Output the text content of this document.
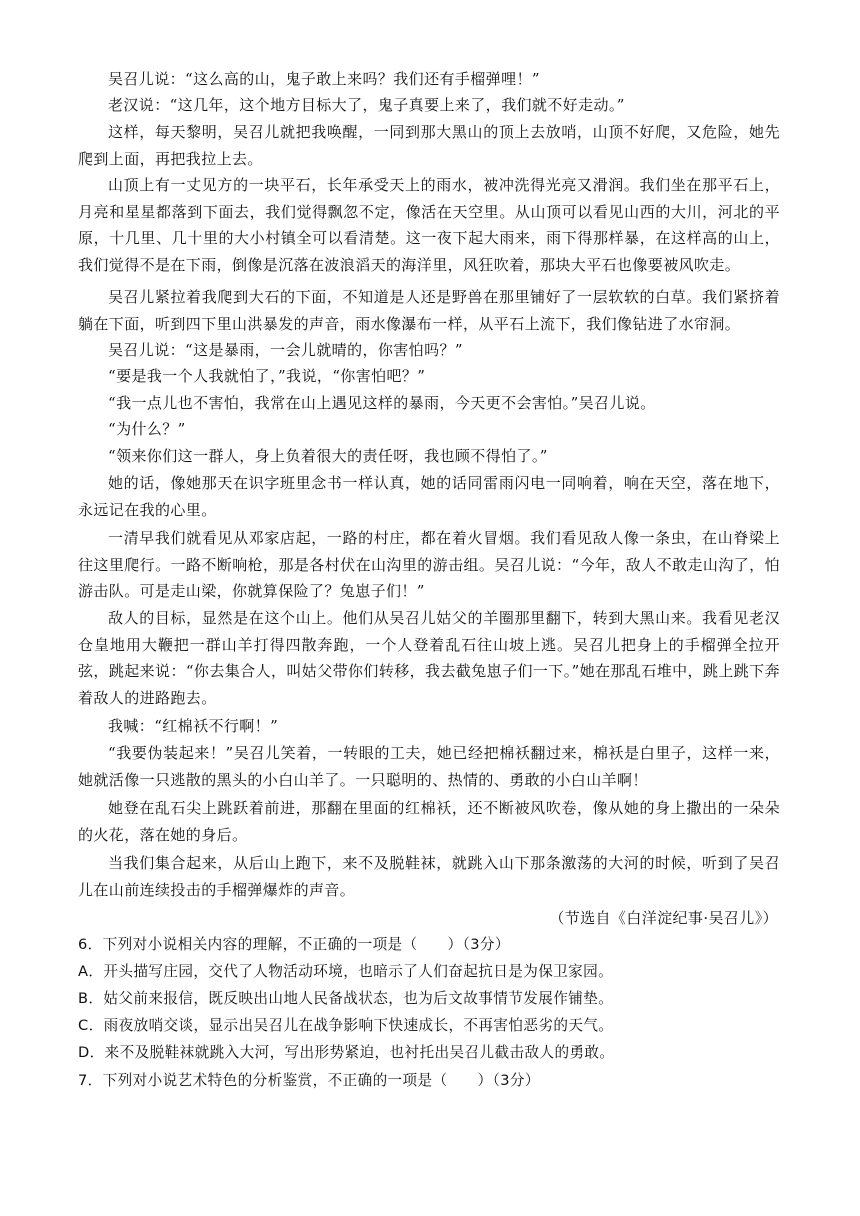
吴召儿说：“这么高的山，鬼子敢上来吗？我们还有手榴弹哩！”

老汉说：“这几年，这个地方目标大了，鬼子真要上来了，我们就不好走动。”

这样，每天黎明，吴召儿就把我唤醒，一同到那大黑山的顶上去放哨，山顶不好爬，又危险，她先爬到上面，再把我拉上去。

山顶上有一丈见方的一块平石，长年承受天上的雨水，被冲洗得光亮又滑润。我们坐在那平石上，月亮和星星都落到下面去，我们觉得飘忽不定，像活在天空里。从山顶可以看见山西的大川，河北的平原，十几里、几十里的大小村镇全可以看清楚。这一夜下起大雨来，雨下得那样暴，在这样高的山上，我们觉得不是在下雨，倒像是沉落在波浪滔天的海洋里，风狂吹着，那块大平石也像要被风吹走。

吴召儿紧拉着我爬到大石的下面，不知道是人还是野兽在那里铺好了一层软软的白草。我们紧挤着躺在下面，听到四下里山洪暴发的声音，雨水像瀑布一样，从平石上流下，我们像钻进了水帘洞。

吴召儿说：“这是暴雨，一会儿就晴的，你害怕吗？”

“要是我一个人我就怕了，”我说，“你害怕吧？”

“我一点儿也不害怕，我常在山上遇见这样的暴雨，今天更不会害怕。”吴召儿说。

“为什么？”

“领来你们这一群人，身上负着很大的责任呀，我也顾不得怕了。”

她的话，像她那天在识字班里念书一样认真，她的话同雷雨闪电一同响着，响在天空，落在地下，永远记在我的心里。

一清早我们就看见从邓家店起，一路的村庄，都在着火冒烟。我们看见敌人像一条虫，在山脊梁上往这里爬行。一路不断响枪，那是各村伏在山沟里的游击组。吴召儿说：“今年，敌人不敢走山沟了，怕游击队。可是走山梁，你就算保险了？兔崽子们！”

敌人的目标，显然是在这个山上。他们从吴召儿姑父的羊圈那里翻下，转到大黑山来。我看见老汉仓皇地用大鞭把一群山羊打得四散奔跑，一个人登着乱石往山坡上逃。吴召儿把身上的手榴弹全拉开弦，跳起来说：“你去集合人，叫姑父带你们转移，我去截兔崽子们一下。”她在那乱石堆中，跳上跳下奔着敌人的进路跑去。

我喊：“红棉袄不行啊！”

“我要伪装起来！”吴召儿笑着，一转眼的工夫，她已经把棉袄翻过来，棉袄是白里子，这样一来，她就活像一只逃散的黑头的小白山羊了。一只聪明的、热情的、勇敢的小白山羊啊！

她登在乱石尖上跳跃着前进，那翻在里面的红棉袄，还不断被风吹卷，像从她的身上撒出的一朵朵的火花，落在她的身后。

当我们集合起来，从后山上跑下，来不及脱鞋袜，就跳入山下那条激荡的大河的时候，听到了吴召儿在山前连续投击的手榴弹爆炸的声音。

（节选自《白洋淀纪事·吴召儿》）

6．下列对小说相关内容的理解，不正确的一项是（　　）（3分）

A．开头描写庄园，交代了人物活动环境，也暗示了人们奋起抗日是为保卫家园。

B．姑父前来报信，既反映出山地人民备战状态，也为后文故事情节发展作铺垫。

C．雨夜放哨交谈，显示出吴召儿在战争影响下快速成长，不再害怕恶劣的天气。

D．来不及脱鞋袜就跳入大河，写出形势紧迫，也衬托出吴召儿截击敌人的勇敢。

7．下列对小说艺术特色的分析鉴赏，不正确的一项是（　　）（3分）
